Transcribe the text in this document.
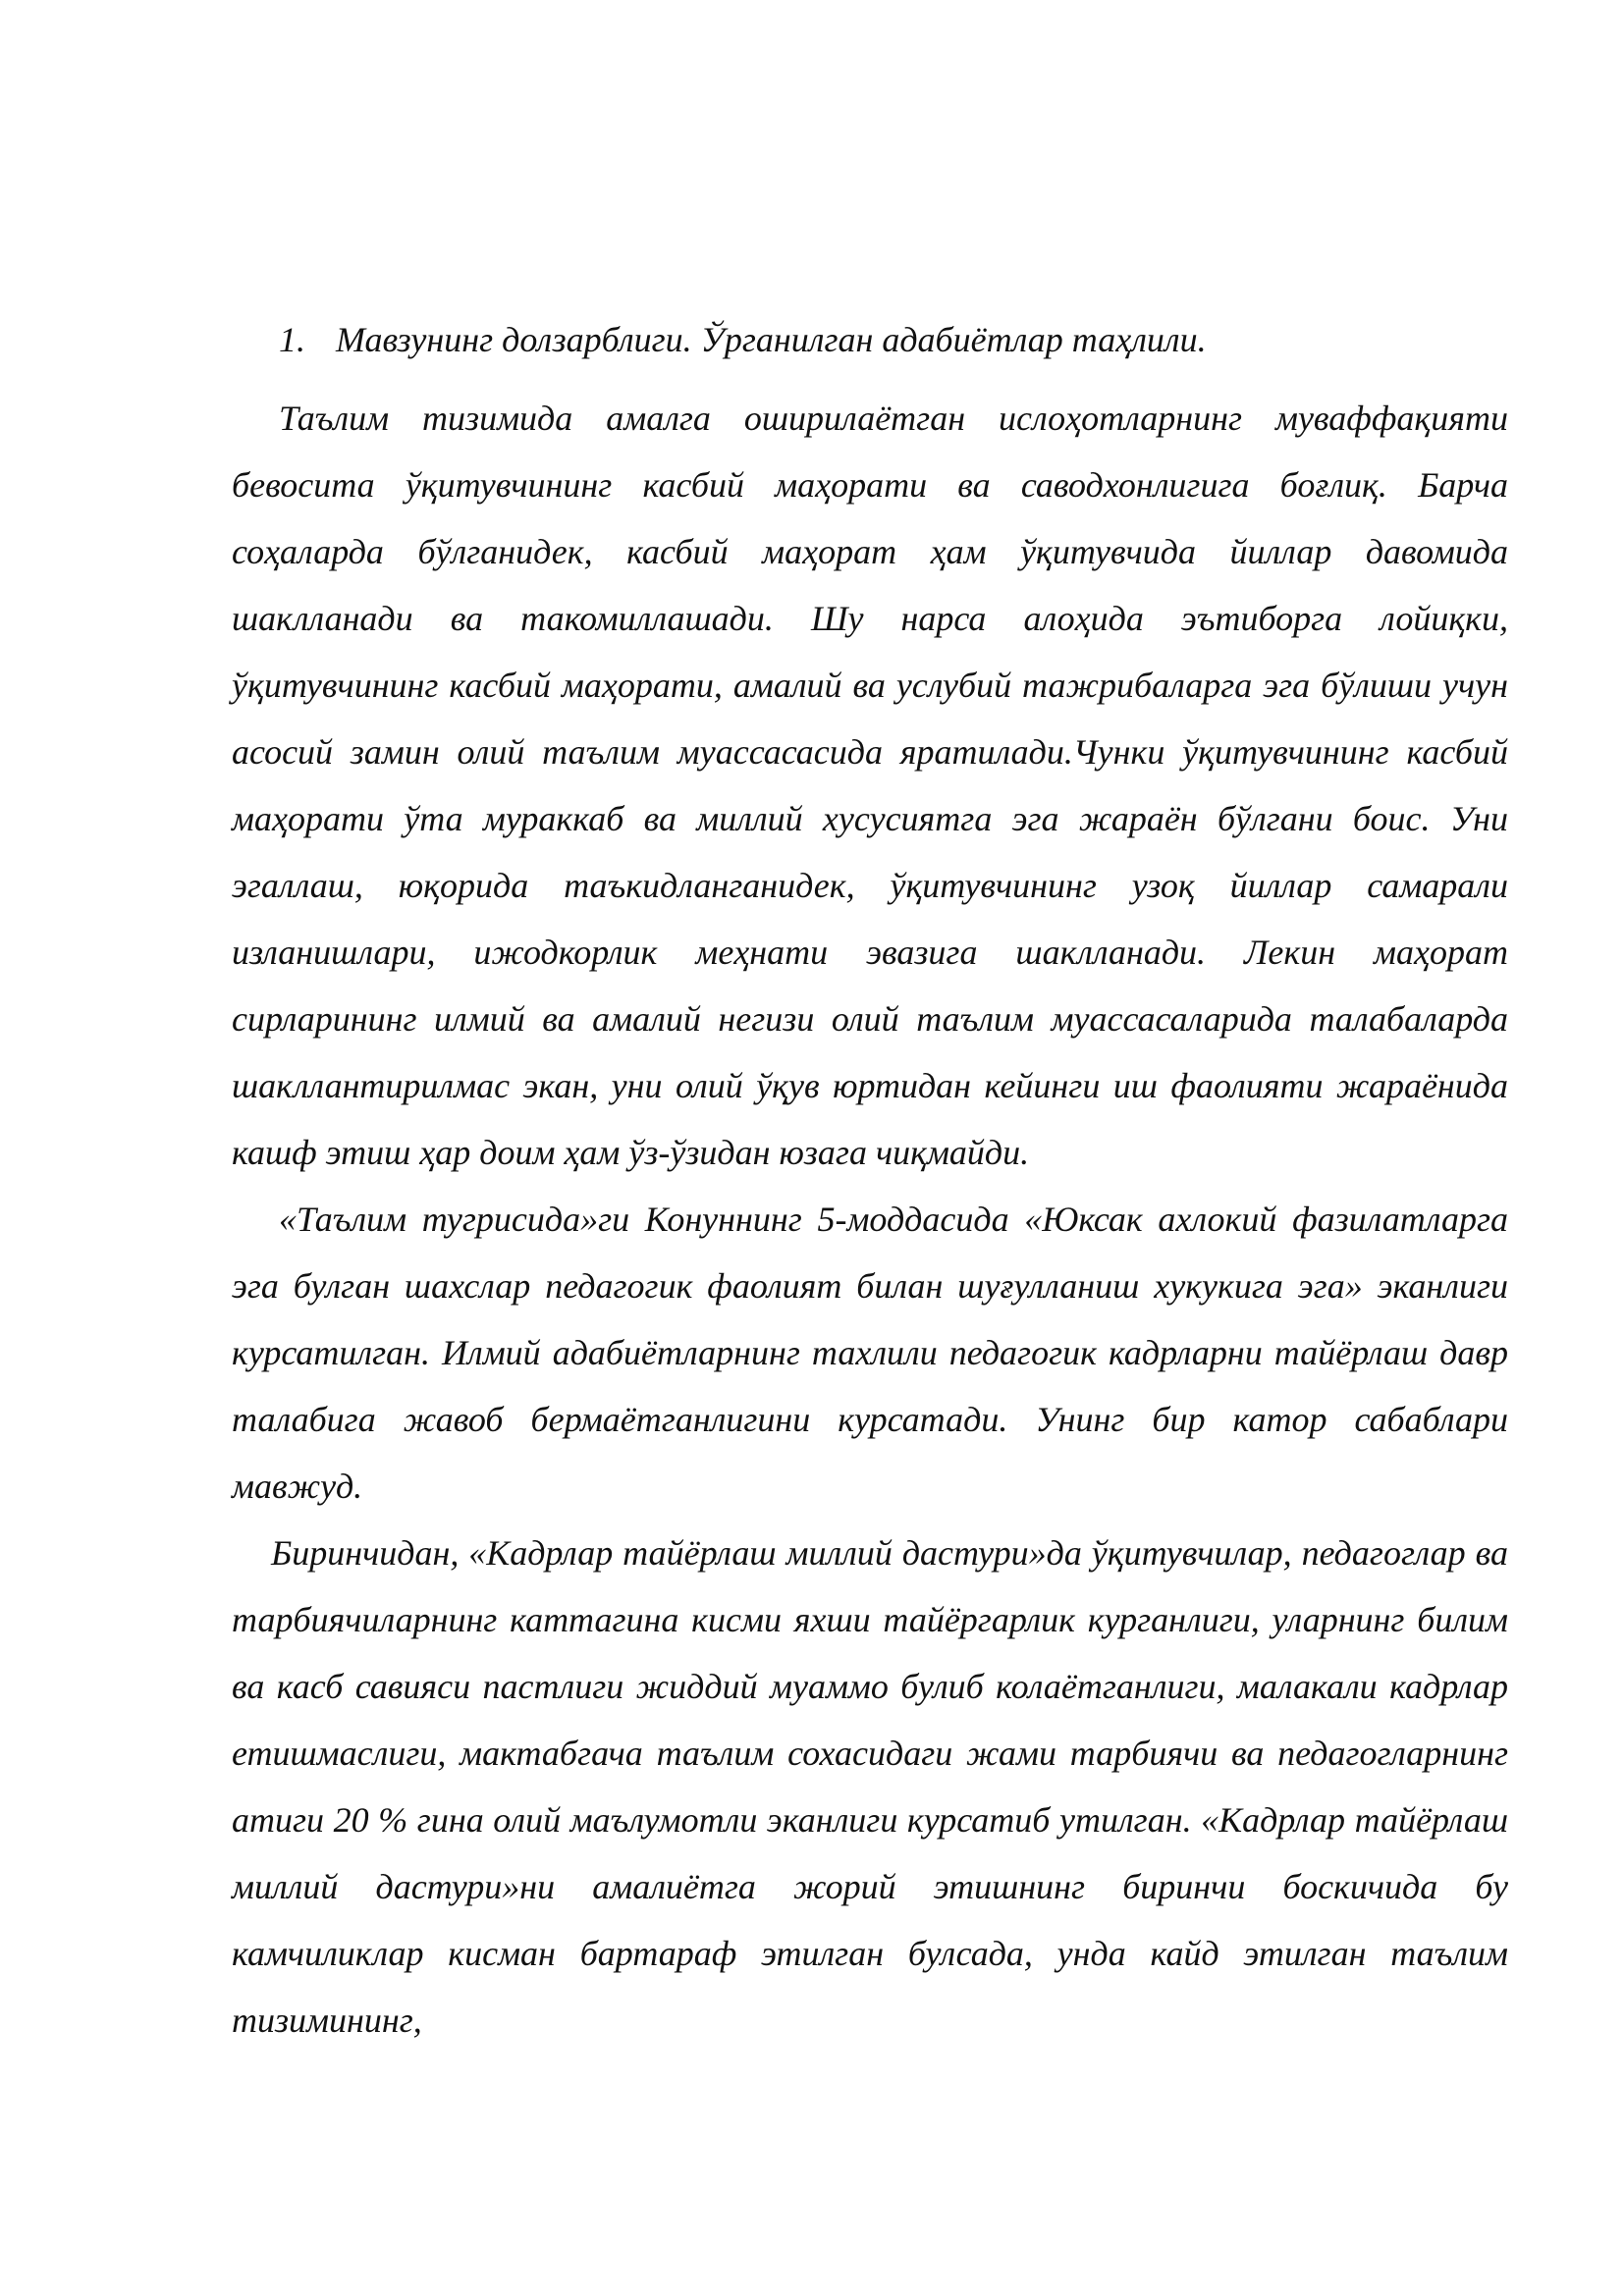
1. Мавзунинг долзарблиги. Ўрганилган адабиётлар таҳлили.

Таълим тизимида амалга оширилаётган ислоҳотларнинг муваффақияти бевосита ўқитувчининг касбий маҳорати ва саводхонлигига боғлиқ. Барча соҳаларда бўлганидек, касбий маҳорат ҳам ўқитувчида йиллар давомида шаклланади ва такомиллашади. Шу нарса алоҳида эътиборга лойиқки, ўқитувчининг касбий маҳорати, амалий ва услубий тажрибаларга эга бўлиши учун асосий замин олий таълим муассасасида яратилади.Чунки ўқитувчининг касбий маҳорати ўта мураккаб ва миллий хусусиятга эга жараён бўлгани боис. Уни эгаллаш, юқорида таъкидланганидек, ўқитувчининг узоқ йиллар самарали изланишлари, ижодкорлик меҳнати эвазига шаклланади. Лекин маҳорат сирларининг илмий ва амалий негизи олий таълим муассасаларида талабаларда шакллантирилмас экан, уни олий ўқув юртидан кейинги иш фаолияти жараёнида кашф этиш ҳар доим ҳам ўз-ўзидан юзага чиқмайди.

«Таълим тугрисида»ги Конуннинг 5-моддасида «Юксак ахлокий фазилатларга эга булган шахслар педагогик фаолият билан шуғулланиш хукукига эга» эканлиги курсатилган. Илмий адабиётларнинг тахлили педагогик кадрларни тайёрлаш давр талабига жавоб бермаётганлигини курсатади. Унинг бир катор сабаблари мавжуд.

Биринчидан, «Кадрлар тайёрлаш миллий дастури»да ўқитувчилар, педагоглар ва тарбиячиларнинг каттагина кисми яхши тайёргарлик курганлиги, уларнинг билим ва касб савияси пастлиги жиддий муаммо булиб колаётганлиги, малакали кадрлар етишмаслиги, мактабгача таълим сохасидаги жами тарбиячи ва педагогларнинг атиги 20 % гина олий маълумотли эканлиги курсатиб утилган. «Кадрлар тайёрлаш миллий дастури»ни амалиётга жорий этишнинг биринчи боскичида бу камчиликлар кисман бартараф этилган булсада, унда кайд этилган таълим тизимининг,
